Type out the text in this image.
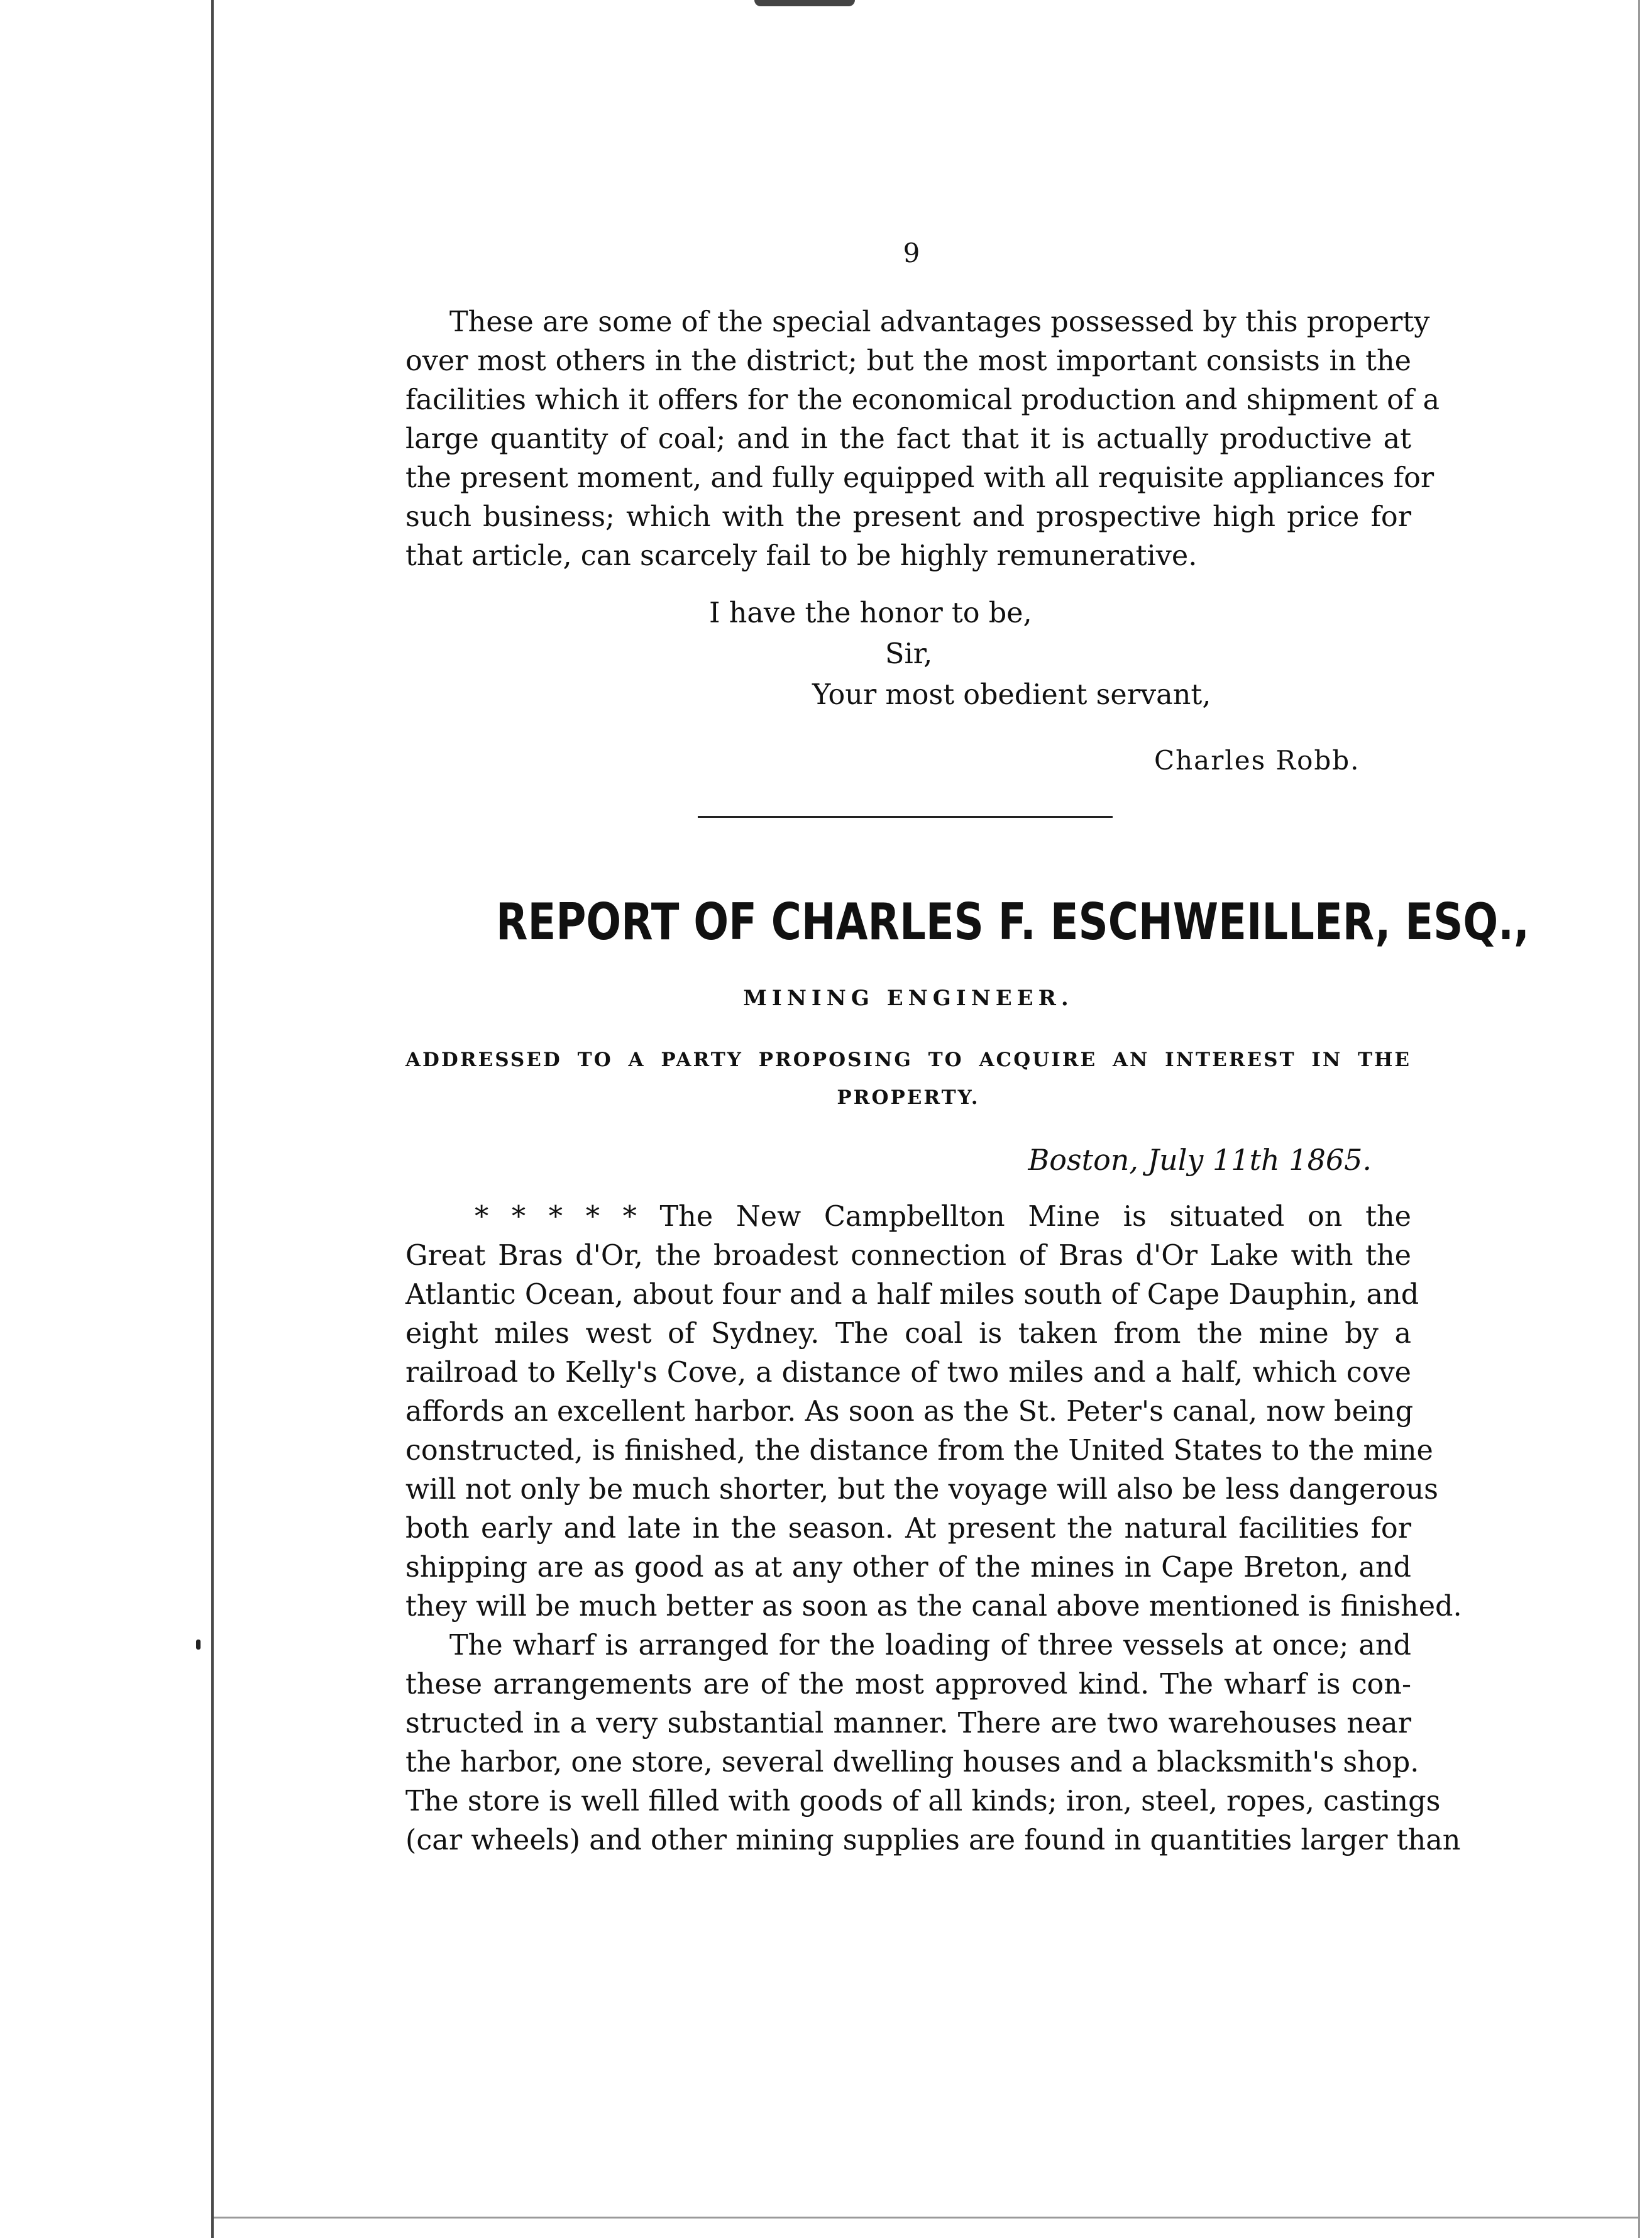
9
These are some of the special advantages possessed by this property
over most others in the district; but the most important consists in the
facilities which it offers for the economical production and shipment of a
large quantity of coal; and in the fact that it is actually productive at
the present moment, and fully equipped with all requisite appliances for
such business; which with the present and prospective high price for
that article, can scarcely fail to be highly remunerative.
I have the honor to be,
Sir,
Your most obedient servant,
Charles Robb.
REPORT OF CHARLES F. ESCHWEILLER, ESQ.,
MINING ENGINEER.
ADDRESSED TO A PARTY PROPOSING TO ACQUIRE AN INTEREST IN THE
PROPERTY.
Boston, July 11th 1865.
* * * * * The New Campbellton Mine is situated on the
Great Bras d'Or, the broadest connection of Bras d'Or Lake with the
Atlantic Ocean, about four and a half miles south of Cape Dauphin, and
eight miles west of Sydney. The coal is taken from the mine by a
railroad to Kelly's Cove, a distance of two miles and a half, which cove
affords an excellent harbor. As soon as the St. Peter's canal, now being
constructed, is finished, the distance from the United States to the mine
will not only be much shorter, but the voyage will also be less dangerous
both early and late in the season. At present the natural facilities for
shipping are as good as at any other of the mines in Cape Breton, and
they will be much better as soon as the canal above mentioned is finished.
The wharf is arranged for the loading of three vessels at once; and
these arrangements are of the most approved kind. The wharf is con-
structed in a very substantial manner. There are two warehouses near
the harbor, one store, several dwelling houses and a blacksmith's shop.
The store is well filled with goods of all kinds; iron, steel, ropes, castings
(car wheels) and other mining supplies are found in quantities larger than
